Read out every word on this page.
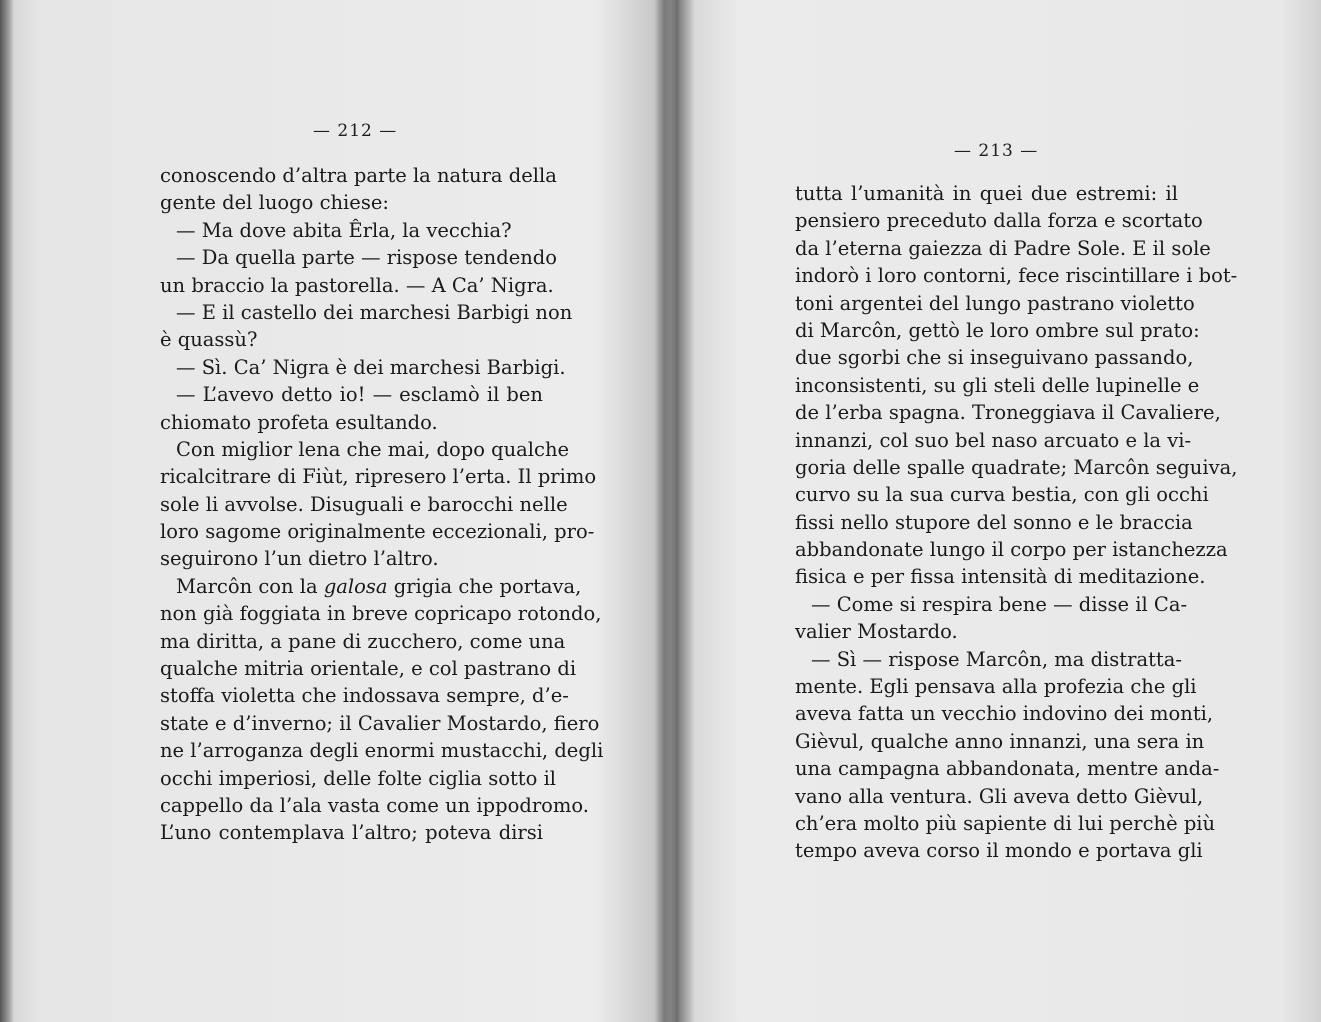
— 212 —
conoscendo d’altra parte la natura della
gente del luogo chiese:
— Ma dove abita Êrla, la vecchia?
— Da quella parte — rispose tendendo
un braccio la pastorella. — A Ca’ Nigra.
— E il castello dei marchesi Barbigi non
è quassù?
— Sì. Ca’ Nigra è dei marchesi Barbigi.
— L’avevo detto io! — esclamò il ben
chiomato profeta esultando.
Con miglior lena che mai, dopo qualche
ricalcitrare di Fiùt, ripresero l’erta. Il primo
sole li avvolse. Disuguali e barocchi nelle
loro sagome originalmente eccezionali, pro-
seguirono l’un dietro l’altro.
Marcôn con la galosa grigia che portava,
non già foggiata in breve copricapo rotondo,
ma diritta, a pane di zucchero, come una
qualche mitria orientale, e col pastrano di
stoffa violetta che indossava sempre, d’e-
state e d’inverno; il Cavalier Mostardo, fiero
ne l’arroganza degli enormi mustacchi, degli
occhi imperiosi, delle folte ciglia sotto il
cappello da l’ala vasta come un ippodromo.
L’uno contemplava l’altro; poteva dirsi
— 213 —
tutta l’umanità in quei due estremi: il
pensiero preceduto dalla forza e scortato
da l’eterna gaiezza di Padre Sole. E il sole
indorò i loro contorni, fece riscintillare i bot-
toni argentei del lungo pastrano violetto
di Marcôn, gettò le loro ombre sul prato:
due sgorbi che si inseguivano passando,
inconsistenti, su gli steli delle lupinelle e
de l’erba spagna. Troneggiava il Cavaliere,
innanzi, col suo bel naso arcuato e la vi-
goria delle spalle quadrate; Marcôn seguiva,
curvo su la sua curva bestia, con gli occhi
fissi nello stupore del sonno e le braccia
abbandonate lungo il corpo per istanchezza
fisica e per fissa intensità di meditazione.
— Come si respira bene — disse il Ca-
valier Mostardo.
— Sì — rispose Marcôn, ma distratta-
mente. Egli pensava alla profezia che gli
aveva fatta un vecchio indovino dei monti,
Gièvul, qualche anno innanzi, una sera in
una campagna abbandonata, mentre anda-
vano alla ventura. Gli aveva detto Gièvul,
ch’era molto più sapiente di lui perchè più
tempo aveva corso il mondo e portava gli
